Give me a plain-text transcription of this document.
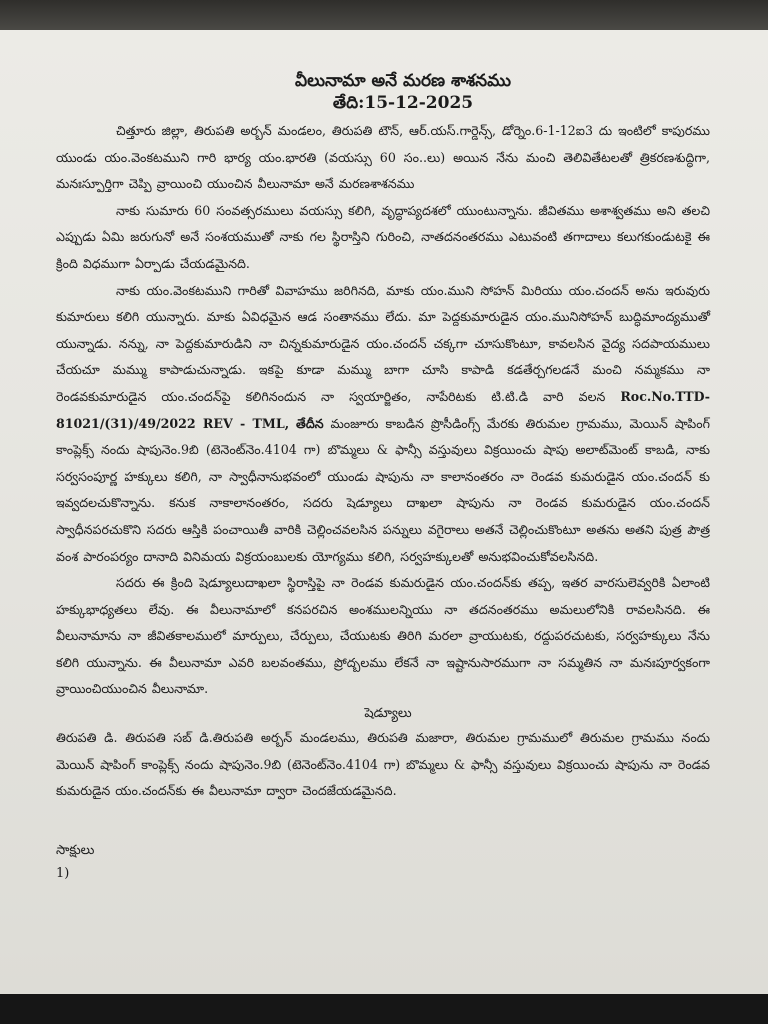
వీలునామా అనే మరణ శాశనము

తేది:15-12-2025

చిత్తూరు జిల్లా, తిరుపతి అర్బన్ మండలం, తిరుపతి టౌన్, ఆర్.యస్.గార్డెన్స్, డోర్నెం.6-1-12ఐ3 దు ఇంటిలో కాపురము యుండు యం.వెంకటముని గారి భార్య యం.భారతి (వయస్సు 60 సం..లు) అయిన నేను మంచి తెలివితేటలతో త్రికరణశుద్ధిగా, మనఃస్పూర్తిగా చెప్పి వ్రాయించి యుంచిన వీలునామా అనే మరణశాశనము

నాకు సుమారు 60 సంవత్సరములు వయస్సు కలిగి, వృద్ధాప్యదశలో యుంటున్నాను. జీవితము అశాశ్వతము అని తలచి ఎప్పుడు ఏమి జరుగునో అనే సంశయముతో నాకు గల స్థిరాస్తిని గురించి, నాతదనంతరము ఎటువంటి తగాదాలు కలుగకుండుటకై ఈ క్రింది విధముగా ఏర్పాడు చేయడమైనది.

నాకు యం.వెంకటముని గారితో వివాహము జరిగినది, మాకు యం.ముని సోహన్ మిరియు యం.చందన్ అను ఇరువురు కుమారులు కలిగి యున్నారు. మాకు ఏవిధమైన ఆడ సంతానము లేదు. మా పెద్దకుమారుడైన యం.మునిసోహన్ బుద్ధిమాంద్యముతో యున్నాడు. నన్ను, నా పెద్దకుమారుడిని నా చిన్నకుమారుడైన యం.చందన్ చక్కగా చూసుకొంటూ, కావలసిన వైద్య సదపాయములు చేయచూ మమ్ము కాపాడుచున్నాడు. ఇకపై కూడా మమ్ము బాగా చూసి కాపాడి కడతేర్చగలడనే మంచి నమ్మకము నా రెండవకుమారుడైన యం.చందన్‌పై కలిగినందున నా స్వయార్జితం, నాపేరిటకు టి.టి.డి వారి వలన Roc.No.TTD-81021/(31)/49/2022 REV - TML, తేదీన మంజూరు కాబడిన ప్రొసీడింగ్స్ మేరకు తిరుమల గ్రామము, మెయిన్ షాపింగ్ కాంప్లెక్స్ నందు షాపునెం.9బి (టెనెంట్‌నెం.4104 గా) బొమ్మలు & ఫాన్సీ వస్తువులు విక్రయించు షాపు అలాట్‌మెంట్ కాబడి, నాకు సర్వసంపూర్ణ హక్కులు కలిగి, నా స్వాధీనానుభవంలో యుండు షాపును నా కాలానంతరం నా రెండవ కుమరుడైన యం.చందన్ కు ఇవ్వదలచుకొన్నాను. కనుక నాకాలానంతరం, సదరు షెడ్యూలు దాఖలా షాపును నా రెండవ కుమరుడైన యం.చందన్ స్వాధీనపరచుకొని సదరు ఆస్తికి పంచాయితీ వారికి చెల్లించవలసిన పన్నులు వగైరాలు అతనే చెల్లించుకొంటూ అతను అతని పుత్ర పౌత్ర వంశ పారంపర్యం దానాది వినిమయ విక్రయంబులకు యోగ్యము కలిగి, సర్వహక్కులతో అనుభవించుకోవలసినది.

సదరు ఈ క్రింది షెడ్యూలుదాఖలా స్థిరాస్తిపై నా రెండవ కుమరుడైన యం.చందన్‌కు తప్ప, ఇతర వారసులెవ్వరికి ఏలాంటి హక్కుభాధ్యతలు లేవు. ఈ వీలునామాలో కనపరచిన అంశములన్నియు నా తదనంతరము అమలులోనికి రావలసినది. ఈ వీలునామాను నా జీవితకాలములో మార్పులు, చేర్పులు, చేయుటకు తిరిగి మరలా వ్రాయుటకు, రద్దుపరచుటకు, సర్వహక్కులు నేను కలిగి యున్నాను. ఈ వీలునామా ఎవరి బలవంతము, ప్రోద్బలము లేకనే నా ఇష్టానుసారముగా నా సమ్మతిన నా మనఃపూర్వకంగా వ్రాయించియుంచిన వీలునామా.

షెడ్యూలు

తిరుపతి డి. తిరుపతి సబ్ డి.తిరుపతి అర్బన్ మండలము, తిరుపతి మజారా, తిరుమల గ్రామములో తిరుమల గ్రామము నందు మెయిన్ షాపింగ్ కాంప్లెక్స్ నందు షాపునెం.9బి (టెనెంట్‌నెం.4104 గా) బొమ్మలు & ఫాన్సీ వస్తువులు విక్రయించు షాపును నా రెండవ కుమరుడైన యం.చందన్‌కు ఈ వీలునామా ద్వారా చెందజేయడమైనది.

సాక్షులు

1)
